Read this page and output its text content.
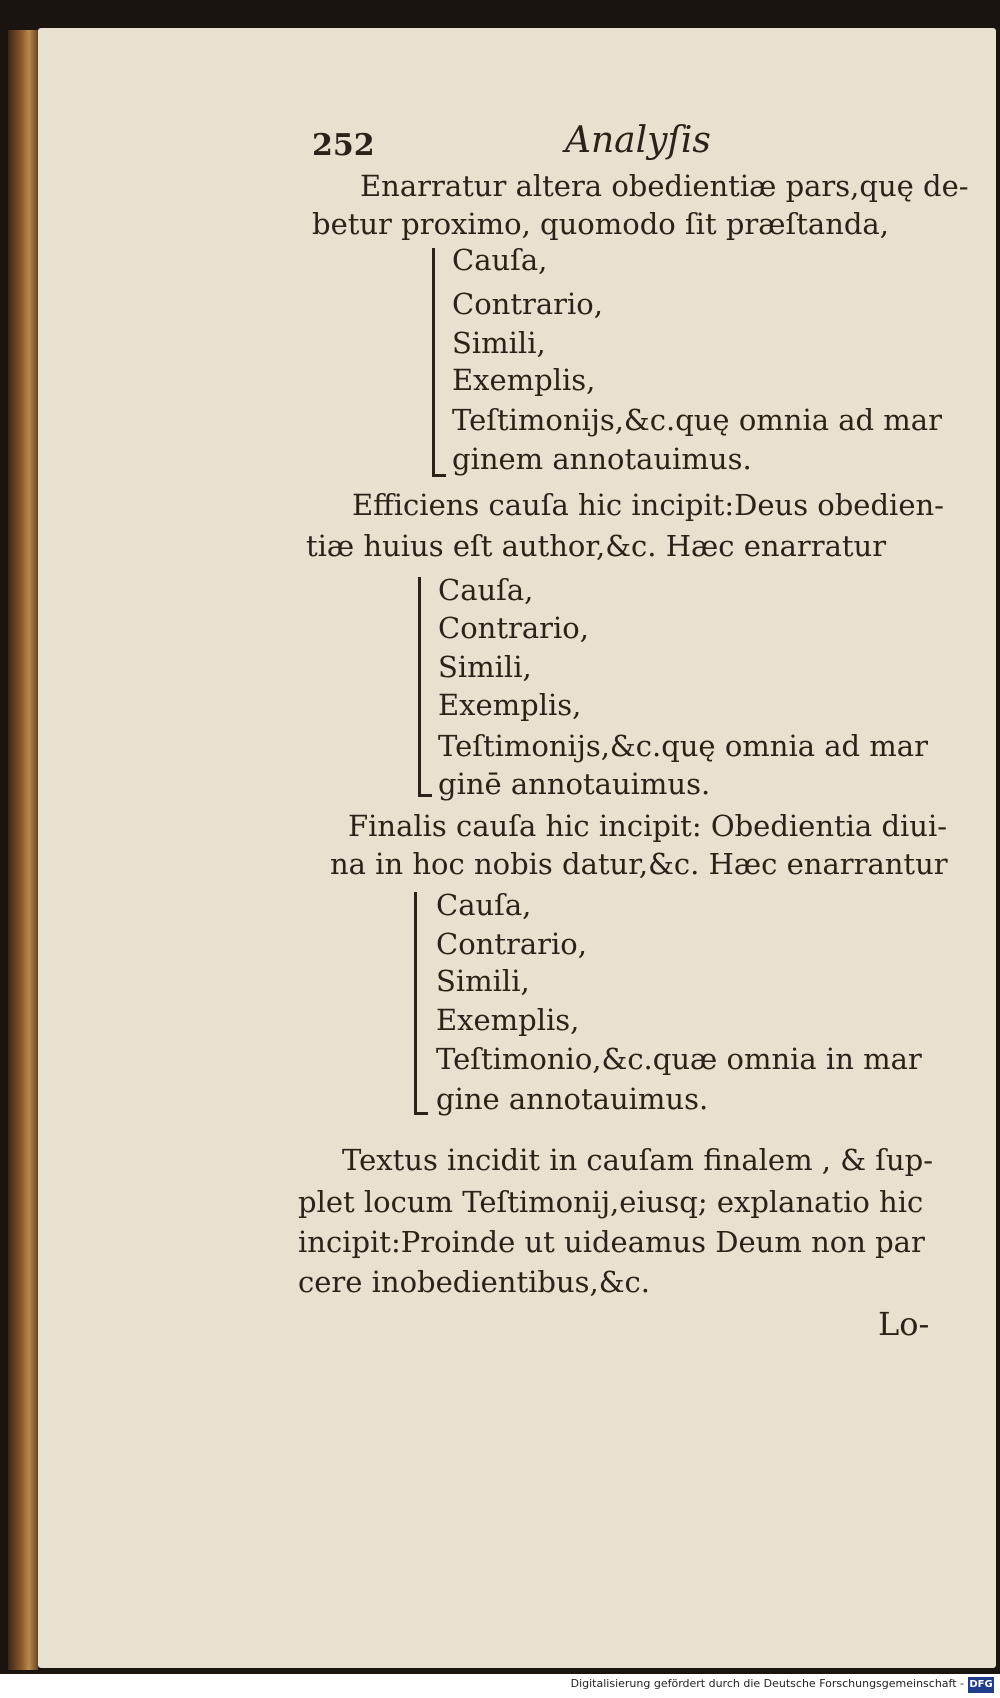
252	Analyſis
Enarratur altera obedientiæ pars,quę de-
betur proximo, quomodo ſit præſtanda,
Cauſa,
Contrario,
Simili,
Exemplis,
Teſtimonijs,&c.quę omnia ad mar
ginem annotauimus.
Efficiens cauſa hic incipit:Deus obedien-
tiæ huius eſt author,&c. Hæc enarratur
Cauſa,
Contrario,
Simili,
Exemplis,
Teſtimonijs,&c.quę omnia ad mar
ginē annotauimus.
Finalis cauſa hic incipit: Obedientia diui-
na in hoc nobis datur,&c. Hæc enarrantur
Cauſa,
Contrario,
Simili,
Exemplis,
Teſtimonio,&c.quæ omnia in mar
gine annotauimus.
Textus incidit in cauſam finalem , & ſup-
plet locum Teſtimonij,eiusq; explanatio hic
incipit:Proinde ut uideamus Deum non par
cere inobedientibus,&c.
Lo-
Digitalisierung gefördert durch die Deutsche Forschungsgemeinschaft - DFG
